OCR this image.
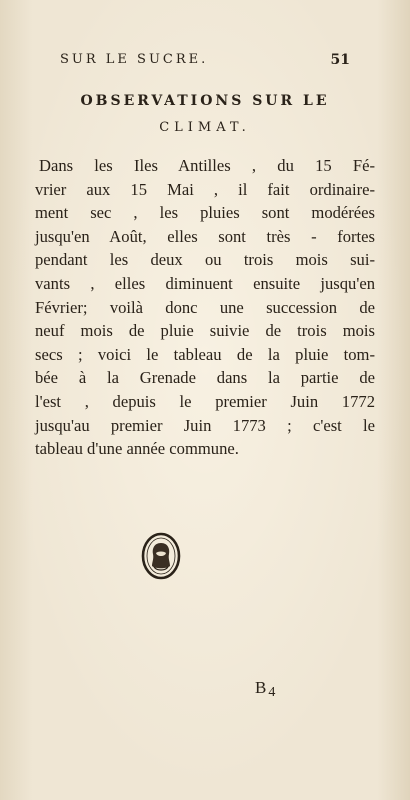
SUR LE SUCRE.	51
OBSERVATIONS SUR LE
CLIMAT.

Dans les Iles Antilles , du 15 Fé-
vrier aux 15 Mai , il fait ordinaire-
ment sec , les pluies sont modérées
jusqu'en Août, elles sont très - fortes
pendant les deux ou trois mois sui-
vants , elles diminuent ensuite jusqu'en
Février; voilà donc une succession de
neuf mois de pluie suivie de trois mois
secs ; voici le tableau de la pluie tom-
bée à la Grenade dans la partie de
l'est , depuis le premier Juin 1772
jusqu'au premier Juin 1773 ; c'est le
tableau d'une année commune.

B4
